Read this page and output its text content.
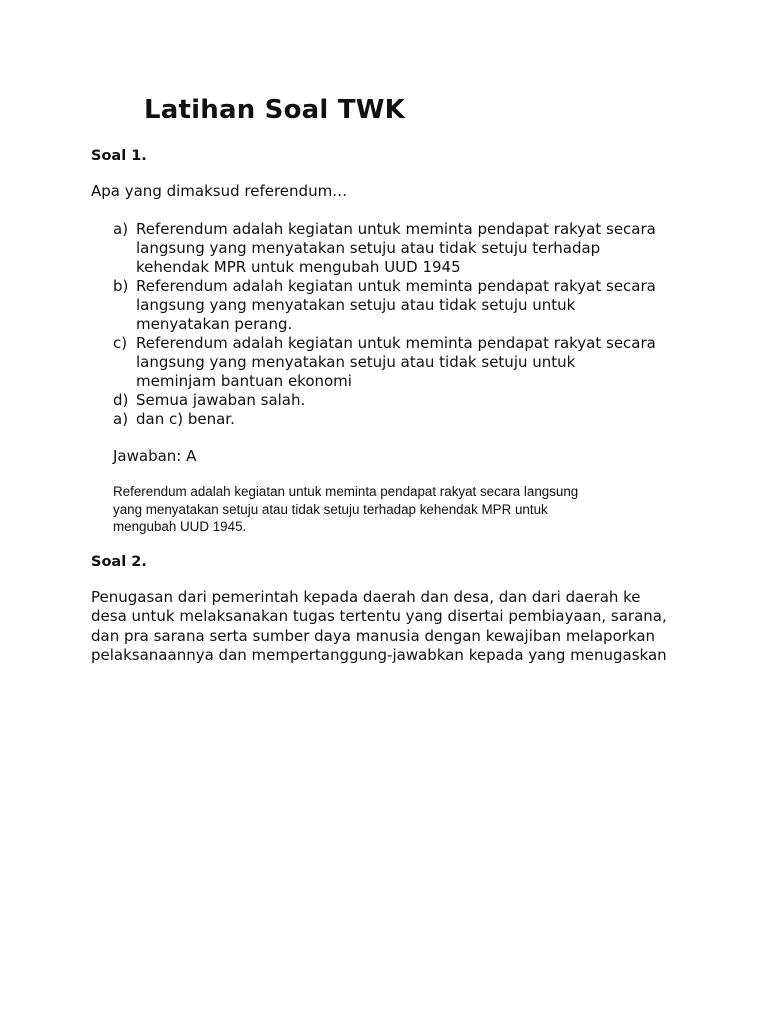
Latihan Soal TWK
Soal 1.

Apa yang dimaksud referendum…

a) Referendum adalah kegiatan untuk meminta pendapat rakyat secara
langsung yang menyatakan setuju atau tidak setuju terhadap
kehendak MPR untuk mengubah UUD 1945
b) Referendum adalah kegiatan untuk meminta pendapat rakyat secara
langsung yang menyatakan setuju atau tidak setuju untuk
menyatakan perang.
c) Referendum adalah kegiatan untuk meminta pendapat rakyat secara
langsung yang menyatakan setuju atau tidak setuju untuk
meminjam bantuan ekonomi
d) Semua jawaban salah.
a) dan c) benar.

Jawaban: A

Referendum adalah kegiatan untuk meminta pendapat rakyat secara langsung
yang menyatakan setuju atau tidak setuju terhadap kehendak MPR untuk
mengubah UUD 1945.

Soal 2.

Penugasan dari pemerintah kepada daerah dan desa, dan dari daerah ke
desa untuk melaksanakan tugas tertentu yang disertai pembiayaan, sarana,
dan pra sarana serta sumber daya manusia dengan kewajiban melaporkan
pelaksanaannya dan mempertanggung-jawabkan kepada yang menugaskan
